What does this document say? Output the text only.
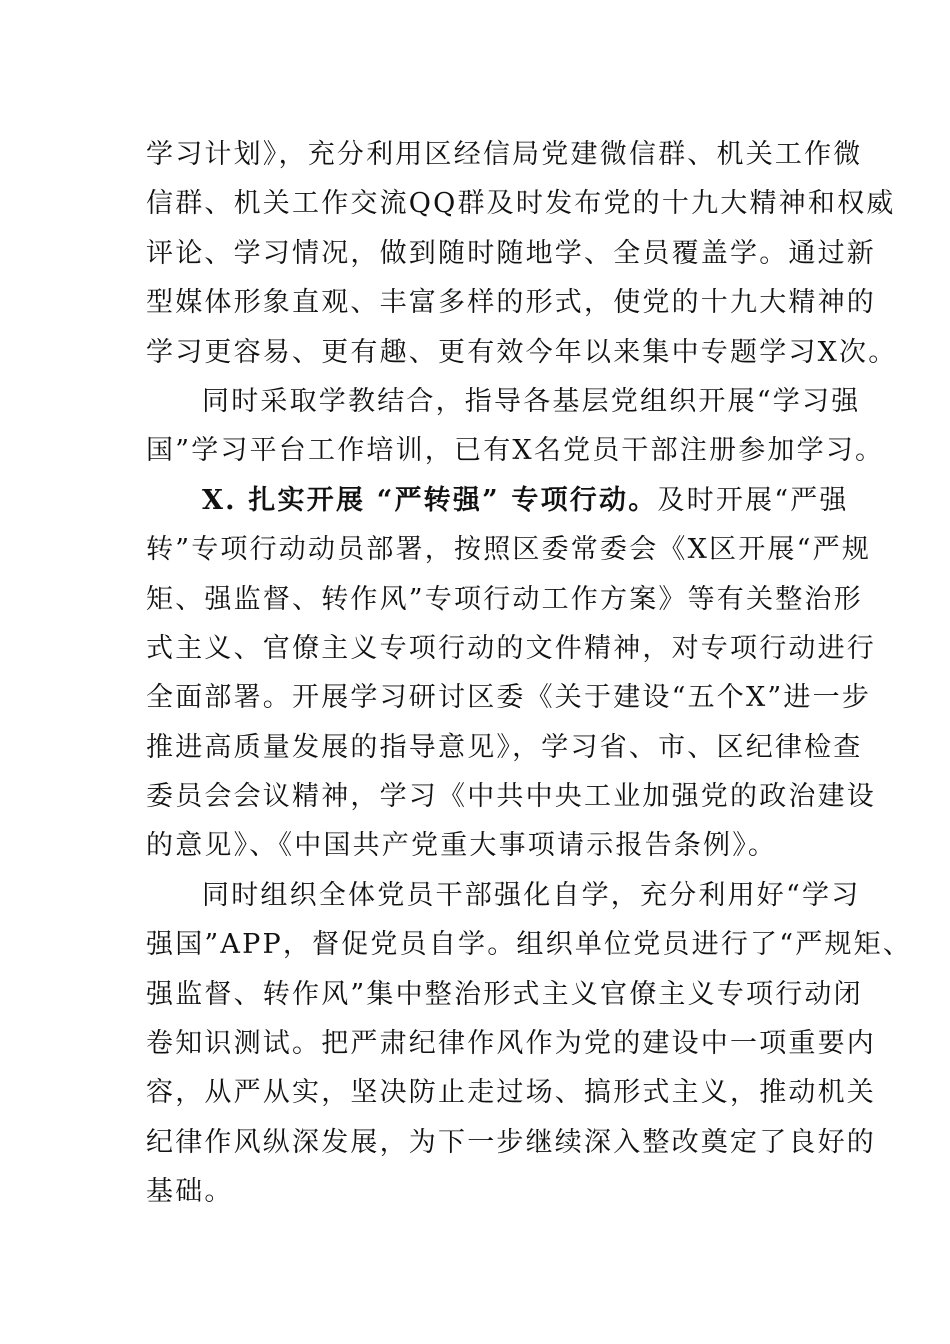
学习计划》，充分利用区经信局党建微信群、机关工作微
信群、机关工作交流QQ群及时发布党的十九大精神和权威
评论、学习情况，做到随时随地学、全员覆盖学。通过新
型媒体形象直观、丰富多样的形式，使党的十九大精神的
学习更容易、更有趣、更有效今年以来集中专题学习X次。
同时采取学教结合，指导各基层党组织开展“学习强
国”学习平台工作培训，已有X名党员干部注册参加学习。
X. 扎实开展 “严转强” 专项行动。及时开展“严强
转”专项行动动员部署，按照区委常委会《X区开展“严规
矩、强监督、转作风”专项行动工作方案》等有关整治形
式主义、官僚主义专项行动的文件精神，对专项行动进行
全面部署。开展学习研讨区委《关于建设“五个X”进一步
推进高质量发展的指导意见》，学习省、市、区纪律检查
委员会会议精神，学习《中共中央工业加强党的政治建设
的意见》、《中国共产党重大事项请示报告条例》。
同时组织全体党员干部强化自学，充分利用好“学习
强国”APP，督促党员自学。组织单位党员进行了“严规矩、
强监督、转作风”集中整治形式主义官僚主义专项行动闭
卷知识测试。把严肃纪律作风作为党的建设中一项重要内
容，从严从实，坚决防止走过场、搞形式主义，推动机关
纪律作风纵深发展，为下一步继续深入整改奠定了良好的
基础。
